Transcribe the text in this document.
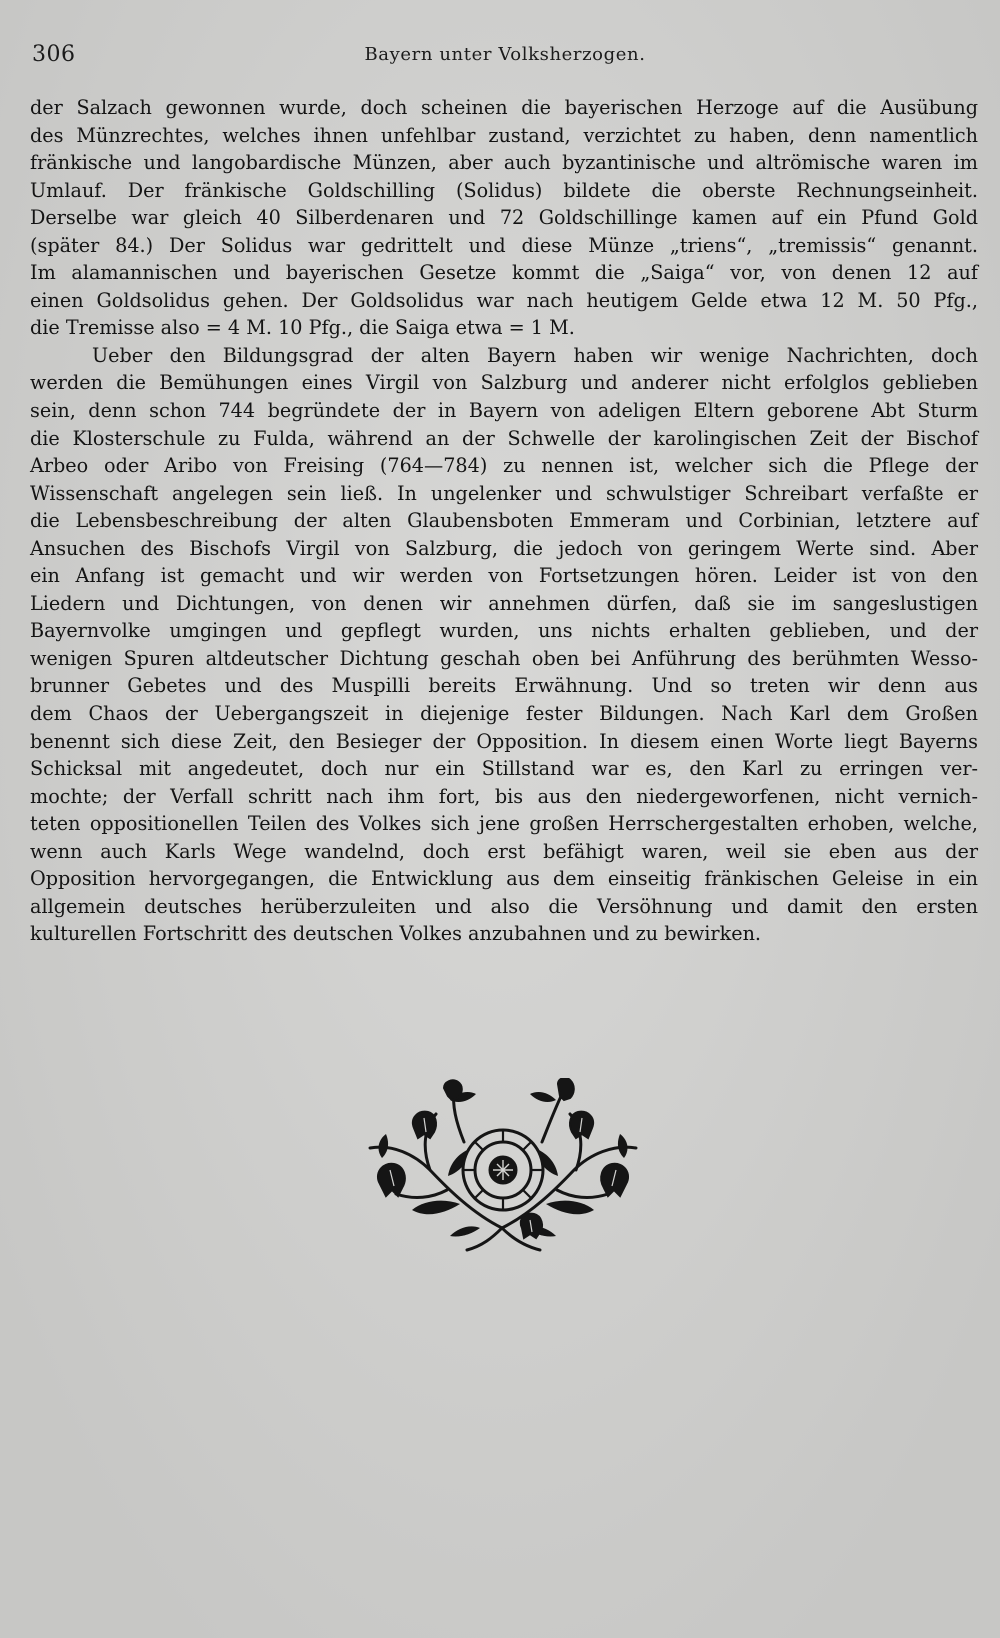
306	Bayern unter Volksherzogen.

der Salzach gewonnen wurde, doch scheinen die bayerischen Herzoge auf die Ausübung
des Münzrechtes, welches ihnen unfehlbar zustand, verzichtet zu haben, denn namentlich
fränkische und langobardische Münzen, aber auch byzantinische und altrömische waren im
Umlauf. Der fränkische Goldschilling (Solidus) bildete die oberste Rechnungseinheit.
Derselbe war gleich 40 Silberdenaren und 72 Goldschillinge kamen auf ein Pfund Gold
(später 84.) Der Solidus war gedrittelt und diese Münze „triens“, „tremissis“ genannt.
Im alamannischen und bayerischen Gesetze kommt die „Saiga“ vor, von denen 12 auf
einen Goldsolidus gehen. Der Goldsolidus war nach heutigem Gelde etwa 12 M. 50 Pfg.,
die Tremisse also = 4 M. 10 Pfg., die Saiga etwa = 1 M.

Ueber den Bildungsgrad der alten Bayern haben wir wenige Nachrichten, doch
werden die Bemühungen eines Virgil von Salzburg und anderer nicht erfolglos geblieben
sein, denn schon 744 begründete der in Bayern von adeligen Eltern geborene Abt Sturm
die Klosterschule zu Fulda, während an der Schwelle der karolingischen Zeit der Bischof
Arbeo oder Aribo von Freising (764—784) zu nennen ist, welcher sich die Pflege der
Wissenschaft angelegen sein ließ. In ungelenker und schwulstiger Schreibart verfaßte er
die Lebensbeschreibung der alten Glaubensboten Emmeram und Corbinian, letztere auf
Ansuchen des Bischofs Virgil von Salzburg, die jedoch von geringem Werte sind. Aber
ein Anfang ist gemacht und wir werden von Fortsetzungen hören. Leider ist von den
Liedern und Dichtungen, von denen wir annehmen dürfen, daß sie im sangeslustigen
Bayernvolke umgingen und gepflegt wurden, uns nichts erhalten geblieben, und der
wenigen Spuren altdeutscher Dichtung geschah oben bei Anführung des berühmten Wesso-
brunner Gebetes und des Muspilli bereits Erwähnung. Und so treten wir denn aus
dem Chaos der Uebergangszeit in diejenige fester Bildungen. Nach Karl dem Großen
benennt sich diese Zeit, den Besieger der Opposition. In diesem einen Worte liegt Bayerns
Schicksal mit angedeutet, doch nur ein Stillstand war es, den Karl zu erringen ver-
mochte; der Verfall schritt nach ihm fort, bis aus den niedergeworfenen, nicht vernich-
teten oppositionellen Teilen des Volkes sich jene großen Herrschergestalten erhoben, welche,
wenn auch Karls Wege wandelnd, doch erst befähigt waren, weil sie eben aus der
Opposition hervorgegangen, die Entwicklung aus dem einseitig fränkischen Geleise in ein
allgemein deutsches herüberzuleiten und also die Versöhnung und damit den ersten
kulturellen Fortschritt des deutschen Volkes anzubahnen und zu bewirken.
